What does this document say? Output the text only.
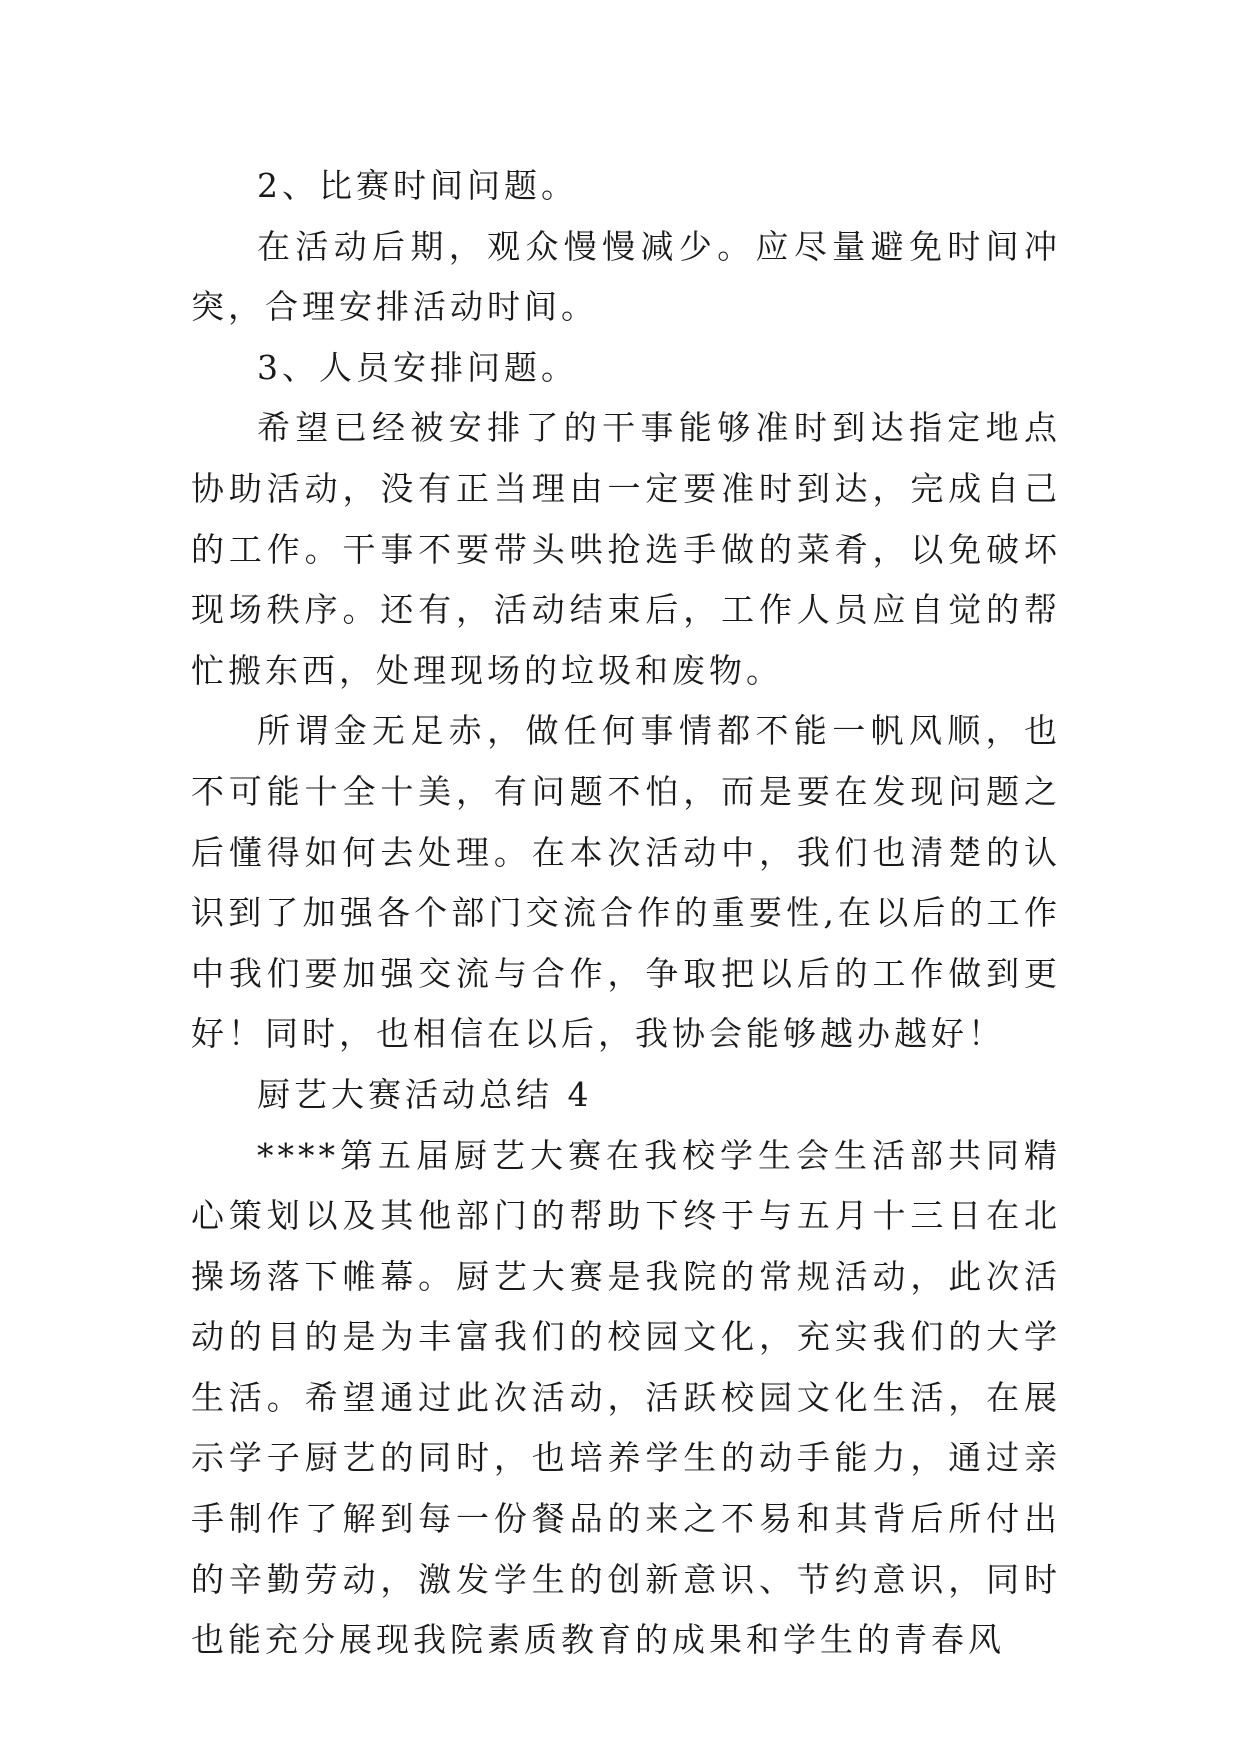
2、比赛时间问题。

在活动后期，观众慢慢减少。应尽量避免时间冲突，合理安排活动时间。

3、人员安排问题。

希望已经被安排了的干事能够准时到达指定地点协助活动，没有正当理由一定要准时到达，完成自己的工作。干事不要带头哄抢选手做的菜肴，以免破坏现场秩序。还有，活动结束后，工作人员应自觉的帮忙搬东西，处理现场的垃圾和废物。

所谓金无足赤，做任何事情都不能一帆风顺，也不可能十全十美，有问题不怕，而是要在发现问题之后懂得如何去处理。在本次活动中，我们也清楚的认识到了加强各个部门交流合作的重要性,在以后的工作中我们要加强交流与合作，争取把以后的工作做到更好！同时，也相信在以后，我协会能够越办越好！

厨艺大赛活动总结 4

****第五届厨艺大赛在我校学生会生活部共同精心策划以及其他部门的帮助下终于与五月十三日在北操场落下帷幕。厨艺大赛是我院的常规活动，此次活动的目的是为丰富我们的校园文化，充实我们的大学生活。希望通过此次活动，活跃校园文化生活，在展示学子厨艺的同时，也培养学生的动手能力，通过亲手制作了解到每一份餐品的来之不易和其背后所付出的辛勤劳动，激发学生的创新意识、节约意识，同时也能充分展现我院素质教育的成果和学生的青春风
